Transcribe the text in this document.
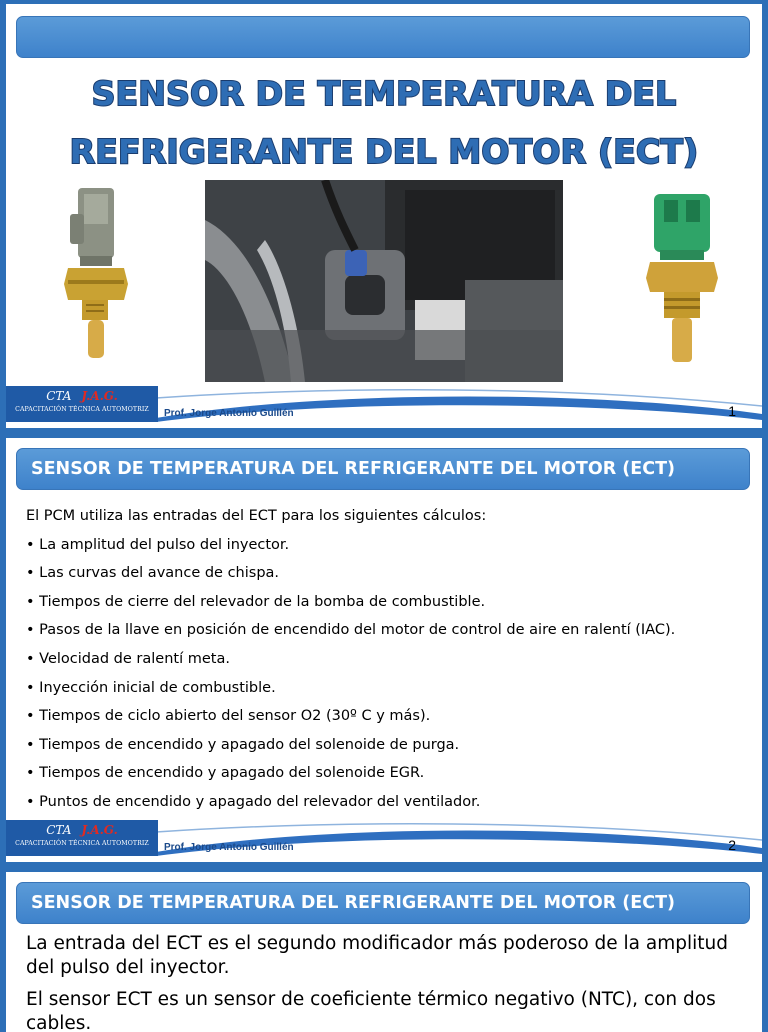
SENSOR DE TEMPERATURA DEL
REFRIGERANTE DEL MOTOR (ECT)
CTA J.A.G.
CAPACITACIÓN TÉCNICA AUTOMOTRIZ	Prof. Jorge Antonio Guillén	1
SENSOR DE TEMPERATURA DEL REFRIGERANTE DEL MOTOR (ECT)
El PCM utiliza las entradas del ECT para los siguientes cálculos:
• La amplitud del pulso del inyector.
• Las curvas del avance de chispa.
• Tiempos de cierre del relevador de la bomba de combustible.
• Pasos de la llave en posición de encendido del motor de control de aire en ralentí (IAC).
• Velocidad de ralentí meta.
• Inyección inicial de combustible.
• Tiempos de ciclo abierto del sensor O2 (30º C y más).
• Tiempos de encendido y apagado del solenoide de purga.
• Tiempos de encendido y apagado del solenoide EGR.
• Puntos de encendido y apagado del relevador del ventilador.
CTA J.A.G.
CAPACITACIÓN TÉCNICA AUTOMOTRIZ	Prof. Jorge Antonio Guillén	2
SENSOR DE TEMPERATURA DEL REFRIGERANTE DEL MOTOR (ECT)

La entrada del ECT es el segundo modificador más poderoso de la amplitud del pulso del inyector.

El sensor ECT es un sensor de coeficiente térmico negativo (NTC), con dos cables.
